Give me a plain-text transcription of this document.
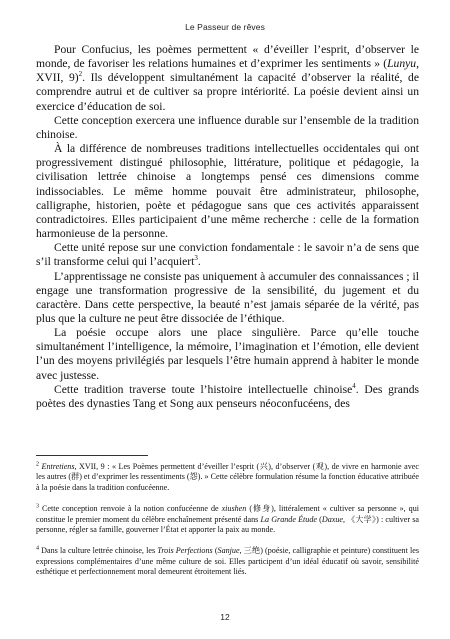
Le Passeur de rêves

Pour Confucius, les poèmes permettent « d’éveiller l’esprit, d’observer le monde, de favoriser les relations humaines et d’exprimer les sentiments » (Lunyu, XVII, 9)$^2$. Ils développent simultanément la capacité d’observer la réalité, de comprendre autrui et de cultiver sa propre intériorité. La poésie devient ainsi un exercice d’éducation de soi.

Cette conception exercera une influence durable sur l’ensemble de la tradition chinoise.

À la différence de nombreuses traditions intellectuelles occidentales qui ont progressivement distingué philosophie, littérature, politique et pédagogie, la civilisation lettrée chinoise a longtemps pensé ces dimensions comme indissociables. Le même homme pouvait être administrateur, philosophe, calligraphe, historien, poète et pédagogue sans que ces activités apparaissent contradictoires. Elles participaient d’une même recherche : celle de la formation harmonieuse de la personne.

Cette unité repose sur une conviction fondamentale : le savoir n’a de sens que s’il transforme celui qui l’acquiert$^3$.

L’apprentissage ne consiste pas uniquement à accumuler des connaissances ; il engage une transformation progressive de la sensibilité, du jugement et du caractère. Dans cette perspective, la beauté n’est jamais séparée de la vérité, pas plus que la culture ne peut être dissociée de l’éthique.

La poésie occupe alors une place singulière. Parce qu’elle touche simultanément l’intelligence, la mémoire, l’imagination et l’émotion, elle devient l’un des moyens privilégiés par lesquels l’être humain apprend à habiter le monde avec justesse.

Cette tradition traverse toute l’histoire intellectuelle chinoise$^4$. Des grands poètes des dynasties Tang et Song aux penseurs néoconfucéens, des

$^2$ Entretiens, XVII, 9 : « Les Poèmes permettent d’éveiller l’esprit (兴), d’observer (观), de vivre en harmonie avec les autres (群) et d’exprimer les ressentiments (怨). » Cette célèbre formulation résume la fonction éducative attribuée à la poésie dans la tradition confucéenne.

$^3$ Cette conception renvoie à la notion confucéenne de xiushen (修身), littéralement « cultiver sa personne », qui constitue le premier moment du célèbre enchaînement présenté dans La Grande Étude (Daxue, 《大学》) : cultiver sa personne, régler sa famille, gouverner l’État et apporter la paix au monde.

$^4$ Dans la culture lettrée chinoise, les Trois Perfections (Sanjue, 三绝) (poésie, calligraphie et peinture) constituent les expressions complémentaires d’une même culture de soi. Elles participent d’un idéal éducatif où savoir, sensibilité esthétique et perfectionnement moral demeurent étroitement liés.

12
